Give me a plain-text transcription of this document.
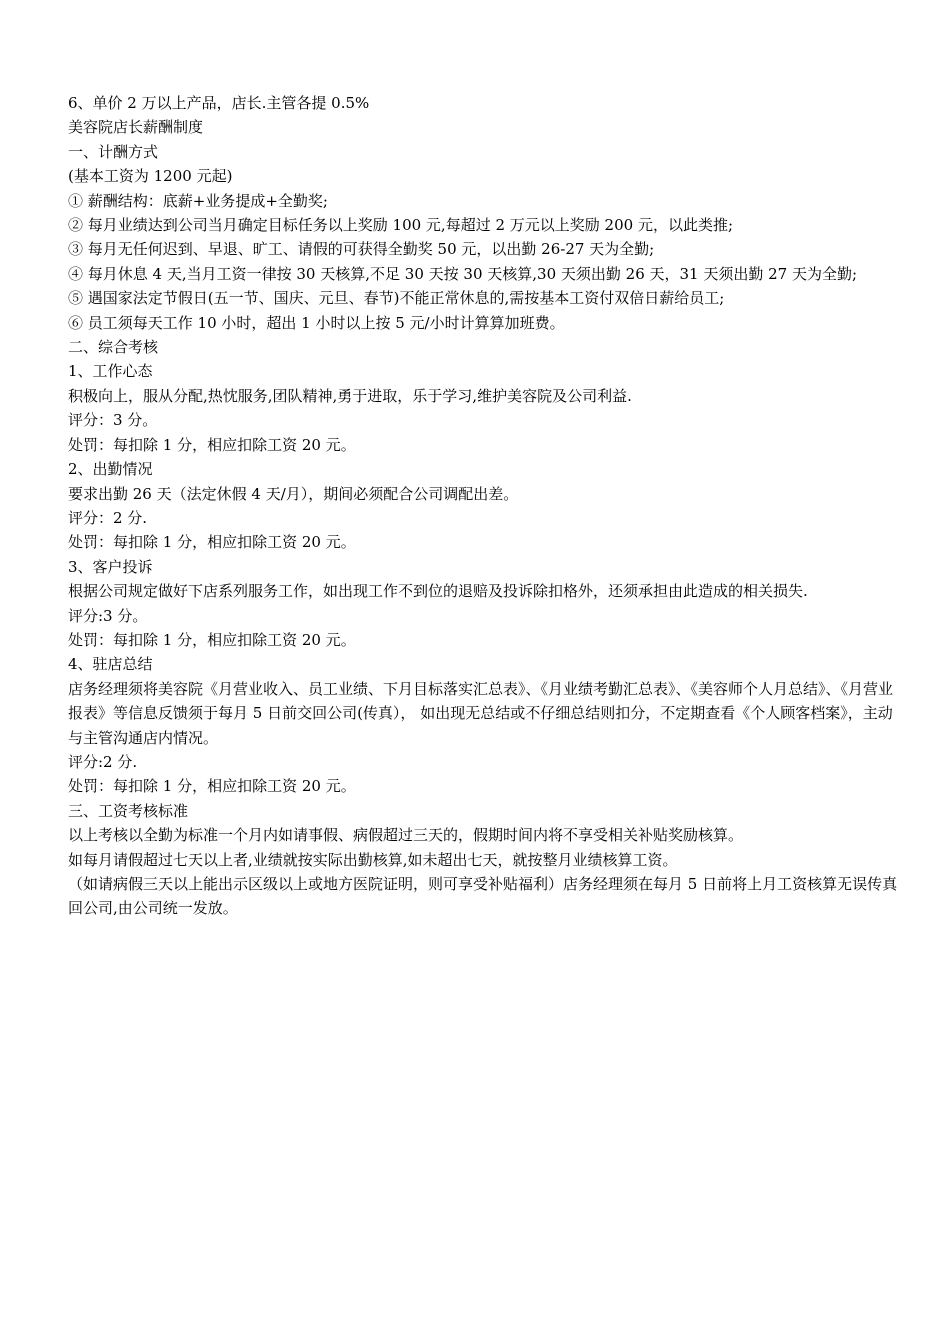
6、单价 2 万以上产品，店长.主管各提 0.5%

美容院店长薪酬制度

一、计酬方式

(基本工资为 1200 元起)

① 薪酬结构：底薪+业务提成+全勤奖;

② 每月业绩达到公司当月确定目标任务以上奖励 100 元,每超过 2 万元以上奖励 200 元，以此类推;

③ 每月无任何迟到、早退、旷工、请假的可获得全勤奖 50 元，以出勤 26-27 天为全勤;

④ 每月休息 4 天,当月工资一律按 30 天核算,不足 30 天按 30 天核算,30 天须出勤 26 天，31 天须出勤 27 天为全勤;

⑤ 遇国家法定节假日(五一节、国庆、元旦、春节)不能正常休息的,需按基本工资付双倍日薪给员工;

⑥ 员工须每天工作 10 小时，超出 1 小时以上按 5 元/小时计算算加班费。

二、综合考核

1、工作心态

积极向上，服从分配,热忱服务,团队精神,勇于进取，乐于学习,维护美容院及公司利益.

评分：3 分。

处罚：每扣除 1 分，相应扣除工资 20 元。

2、出勤情况

要求出勤 26 天（法定休假 4 天/月），期间必须配合公司调配出差。

评分：2 分.

处罚：每扣除 1 分，相应扣除工资 20 元。

3、客户投诉

根据公司规定做好下店系列服务工作，如出现工作不到位的退赔及投诉除扣格外，还须承担由此造成的相关损失.

评分:3 分。

处罚：每扣除 1 分，相应扣除工资 20 元。

4、驻店总结

店务经理须将美容院《月营业收入、员工业绩、下月目标落实汇总表》、《月业绩考勤汇总表》、《美容师个人月总结》、《月营业报表》等信息反馈须于每月 5 日前交回公司(传真）， 如出现无总结或不仔细总结则扣分，不定期查看《个人顾客档案》，主动与主管沟通店内情况。

评分:2 分.

处罚：每扣除 1 分，相应扣除工资 20 元。

三、工资考核标准

以上考核以全勤为标准一个月内如请事假、病假超过三天的，假期时间内将不享受相关补贴奖励核算。

如每月请假超过七天以上者,业绩就按实际出勤核算,如未超出七天，就按整月业绩核算工资。

（如请病假三天以上能出示区级以上或地方医院证明，则可享受补贴福利）店务经理须在每月 5 日前将上月工资核算无误传真回公司,由公司统一发放。
